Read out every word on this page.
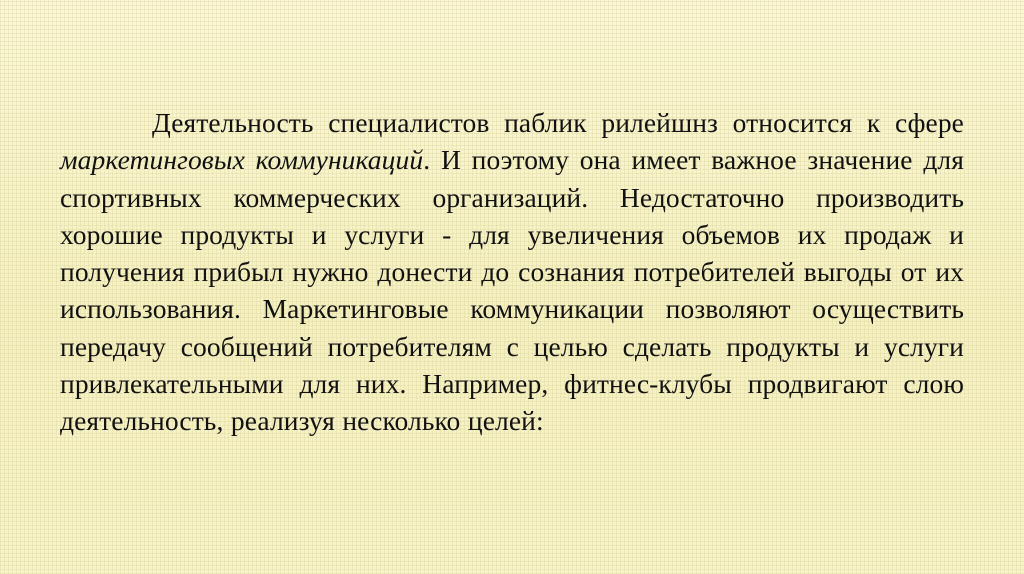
Деятельность специалистов паблик рилейшнз относится к сфере маркетинговых коммуникаций. И поэтому она имеет важное значение для спортивных коммерческих организаций. Недостаточно производить хорошие продукты и услуги - для увеличения объемов их продаж и получения прибыл нужно донести до сознания потребителей выгоды от их использования. Маркетинговые коммуникации позволяют осуществить передачу сообщений потребителям с целью сделать продукты и услуги привлекательными для них. Например, фитнес-клубы продвигают слою деятельность, реализуя несколько целей:
